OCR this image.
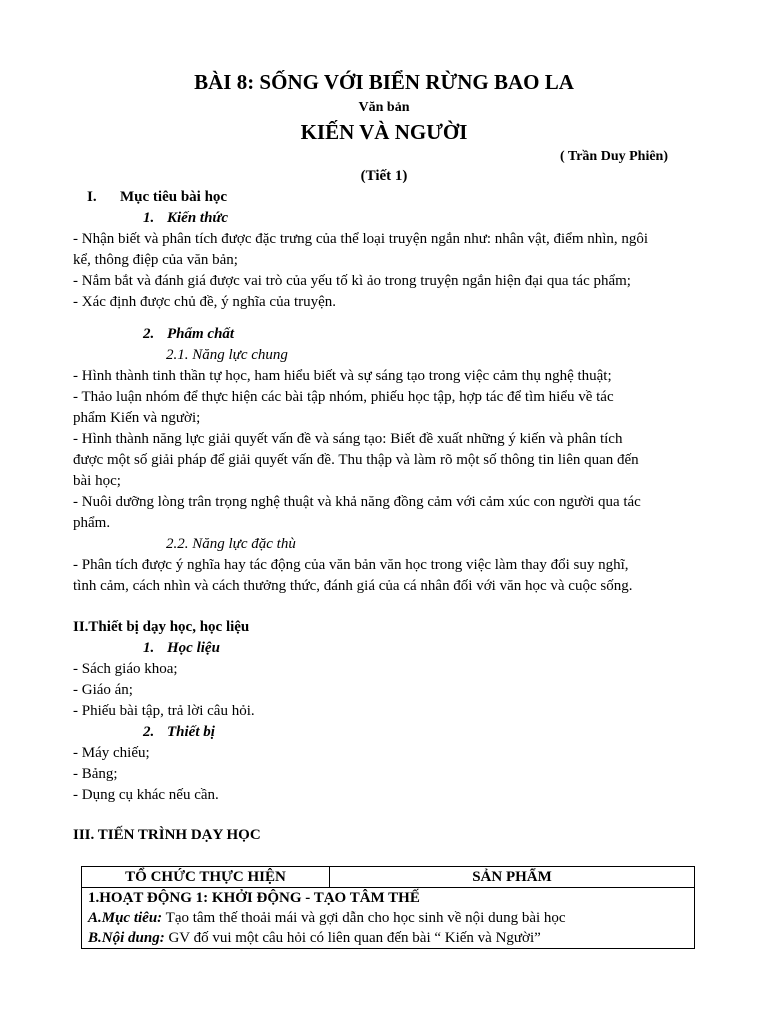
BÀI 8: SỐNG VỚI BIỂN RỪNG BAO LA
Văn bản
KIẾN VÀ NGƯỜI
( Trần Duy Phiên)
(Tiết 1)
I. Mục tiêu bài học
1. Kiến thức
- Nhận biết và phân tích được đặc trưng của thể loại truyện ngắn như: nhân vật, điểm nhìn, ngôi
kể, thông điệp của văn bản;
- Nắm bắt và đánh giá được vai trò của yếu tố kì ảo trong truyện ngắn hiện đại qua tác phẩm;
- Xác định được chủ đề, ý nghĩa của truyện.
2. Phẩm chất
2.1. Năng lực chung
- Hình thành tinh thần tự học, ham hiểu biết và sự sáng tạo trong việc cảm thụ nghệ thuật;
- Thảo luận nhóm để thực hiện các bài tập nhóm, phiếu học tập, hợp tác để tìm hiểu về tác
phẩm Kiến và người;
- Hình thành năng lực giải quyết vấn đề và sáng tạo: Biết đề xuất những ý kiến và phân tích
được một số giải pháp để giải quyết vấn đề. Thu thập và làm rõ một số thông tin liên quan đến
bài học;
- Nuôi dưỡng lòng trân trọng nghệ thuật và khả năng đồng cảm với cảm xúc con người qua tác
phẩm.
2.2. Năng lực đặc thù
- Phân tích được ý nghĩa hay tác động của văn bản văn học trong việc làm thay đổi suy nghĩ,
tình cảm, cách nhìn và cách thưởng thức, đánh giá của cá nhân đối với văn học và cuộc sống.
II.Thiết bị dạy học, học liệu
1. Học liệu
- Sách giáo khoa;
- Giáo án;
- Phiếu bài tập, trả lời câu hỏi.
2. Thiết bị
- Máy chiếu;
- Bảng;
- Dụng cụ khác nếu cần.
III. TIẾN TRÌNH DẠY HỌC
TỔ CHỨC THỰC HIỆN	SẢN PHẨM

1.HOẠT ĐỘNG 1: KHỞI ĐỘNG - TẠO TÂM THẾ
A.Mục tiêu: Tạo tâm thế thoải mái và gợi dẫn cho học sinh về nội dung bài học
B.Nội dung: GV đố vui một câu hỏi có liên quan đến bài “ Kiến và Người”
